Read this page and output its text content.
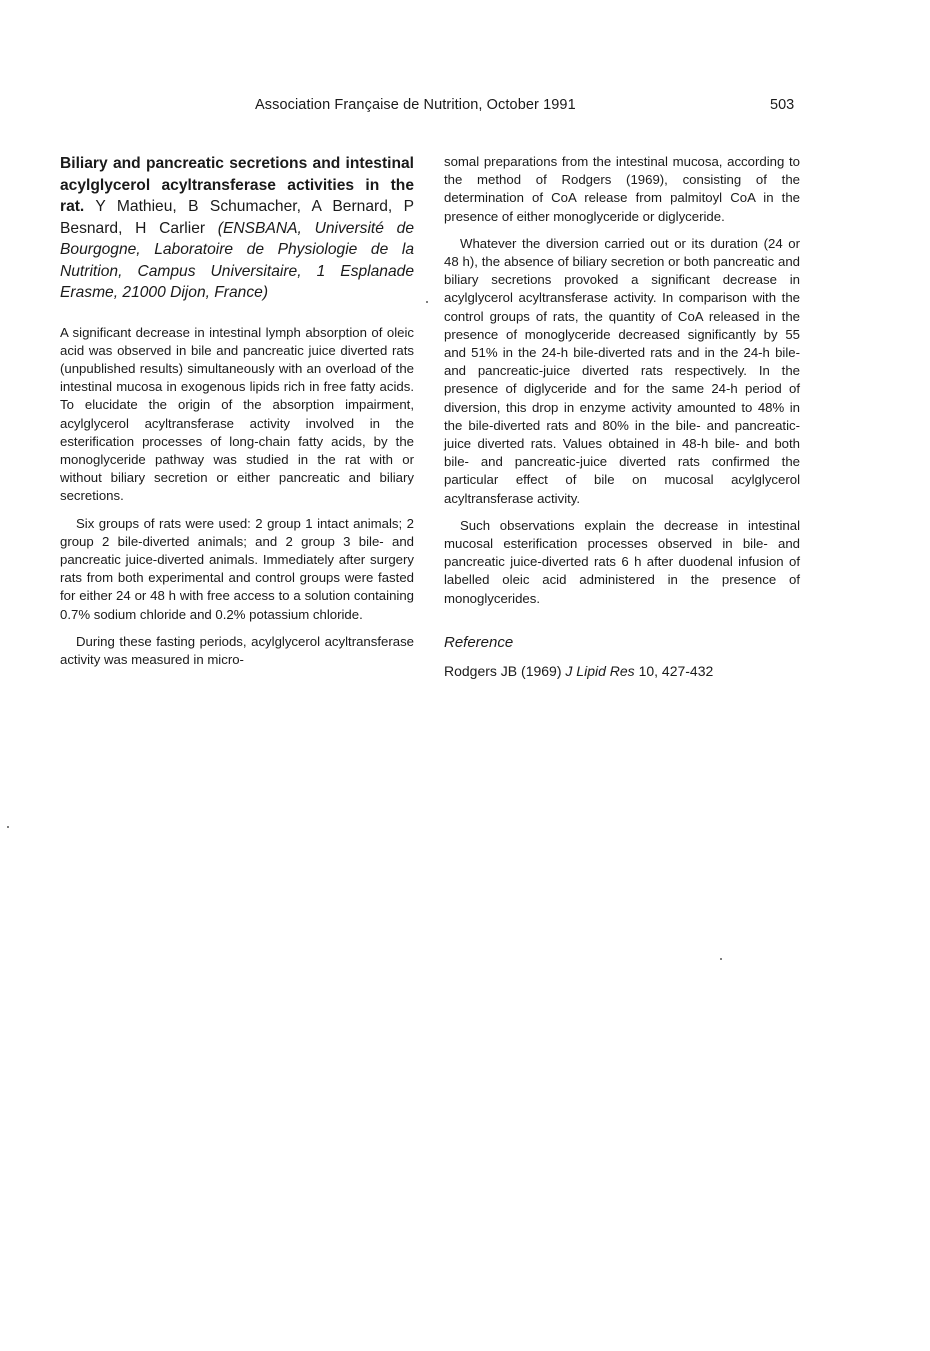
Association Française de Nutrition, October 1991	503
Biliary and pancreatic secretions and intestinal acylglycerol acyltransferase activities in the rat. Y Mathieu, B Schumacher, A Bernard, P Besnard, H Carlier (ENSBANA, Université de Bourgogne, Laboratoire de Physiologie de la Nutrition, Campus Universitaire, 1 Esplanade Erasme, 21000 Dijon, France)

A significant decrease in intestinal lymph absorption of oleic acid was observed in bile and pancreatic juice diverted rats (unpublished results) simultaneously with an overload of the intestinal mucosa in exogenous lipids rich in free fatty acids. To elucidate the origin of the absorption impairment, acylglycerol acyltransferase activity involved in the esterification processes of long-chain fatty acids, by the monoglyceride pathway was studied in the rat with or without biliary secretion or either pancreatic and biliary secretions.

Six groups of rats were used: 2 group 1 intact animals; 2 group 2 bile-diverted animals; and 2 group 3 bile- and pancreatic juice-diverted animals. Immediately after surgery rats from both experimental and control groups were fasted for either 24 or 48 h with free access to a solution containing 0.7% sodium chloride and 0.2% potassium chloride.

During these fasting periods, acylglycerol acyltransferase activity was measured in micro-

somal preparations from the intestinal mucosa, according to the method of Rodgers (1969), consisting of the determination of CoA release from palmitoyl CoA in the presence of either monoglyceride or diglyceride.

Whatever the diversion carried out or its duration (24 or 48 h), the absence of biliary secretion or both pancreatic and biliary secretions provoked a significant decrease in acylglycerol acyltransferase activity. In comparison with the control groups of rats, the quantity of CoA released in the presence of monoglyceride decreased significantly by 55 and 51% in the 24-h bile-diverted rats and in the 24-h bile- and pancreatic-juice diverted rats respectively. In the presence of diglyceride and for the same 24-h period of diversion, this drop in enzyme activity amounted to 48% in the bile-diverted rats and 80% in the bile- and pancreatic-juice diverted rats. Values obtained in 48-h bile- and both bile- and pancreatic-juice diverted rats confirmed the particular effect of bile on mucosal acylglycerol acyltransferase activity.

Such observations explain the decrease in intestinal mucosal esterification processes observed in bile- and pancreatic juice-diverted rats 6 h after duodenal infusion of labelled oleic acid administered in the presence of monoglycerides.

Reference
Rodgers JB (1969) J Lipid Res 10, 427-432
